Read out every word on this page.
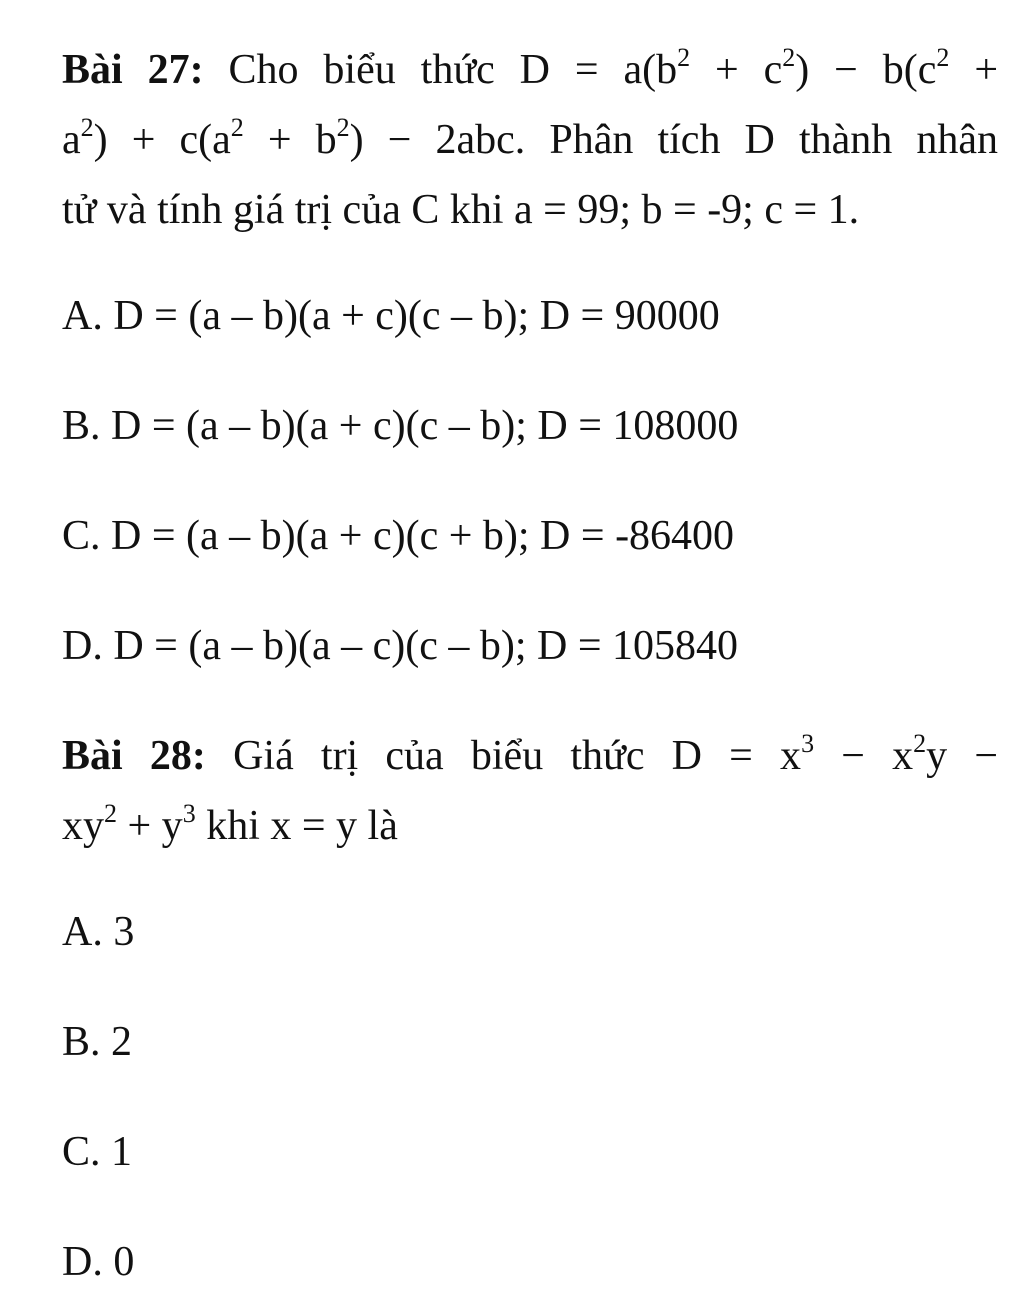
Bài 27: Cho biểu thức $D = a(b^2 + c^2) - b(c^2$ +
$a^2) + c(a^2 + b^2) - 2abc$. Phân tích D thành nhân
tử và tính giá trị của C khi a = 99; b = -9; c = 1.
A. D = (a – b)(a + c)(c – b); D = 90000
B. D = (a – b)(a + c)(c – b); D = 108000
C. D = (a – b)(a + c)(c + b); D = -86400
D. D = (a – b)(a – c)(c – b); D = 105840
Bài 28: Giá trị của biểu thức $D = x^3 - x^2y$ −
$xy^2 + y^3$ khi x = y là
A. 3
B. 2
C. 1
D. 0
